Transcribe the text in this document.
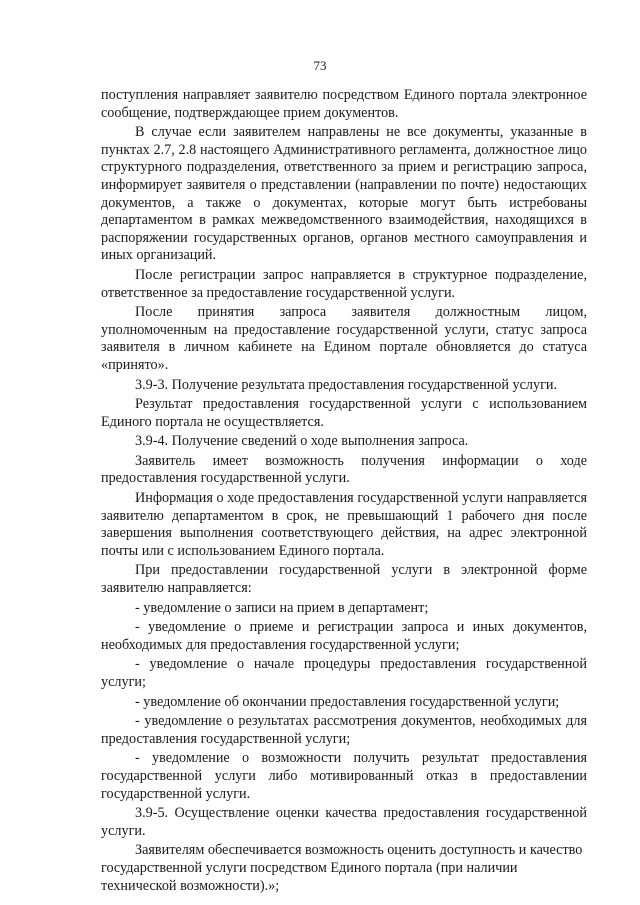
73

поступления направляет заявителю посредством Единого портала электронное сообщение, подтверждающее прием документов.

В случае если заявителем направлены не все документы, указанные в пунктах 2.7, 2.8 настоящего Административного регламента, должностное лицо структурного подразделения, ответственного за прием и регистрацию запроса, информирует заявителя о представлении (направлении по почте) недостающих документов, а также о документах, которые могут быть истребованы департаментом в рамках межведомственного взаимодействия, находящихся в распоряжении государственных органов, органов местного самоуправления и иных организаций.

После регистрации запрос направляется в структурное подразделение, ответственное за предоставление государственной услуги.

После принятия запроса заявителя должностным лицом, уполномоченным на предоставление государственной услуги, статус запроса заявителя в личном кабинете на Едином портале обновляется до статуса «принято».

3.9-3. Получение результата предоставления государственной услуги.

Результат предоставления государственной услуги с использованием Единого портала не осуществляется.

3.9-4. Получение сведений о ходе выполнения запроса.

Заявитель имеет возможность получения информации о ходе предоставления государственной услуги.

Информация о ходе предоставления государственной услуги направляется заявителю департаментом в срок, не превышающий 1 рабочего дня после завершения выполнения соответствующего действия, на адрес электронной почты или с использованием Единого портала.

При предоставлении государственной услуги в электронной форме заявителю направляется:

- уведомление о записи на прием в департамент;

- уведомление о приеме и регистрации запроса и иных документов, необходимых для предоставления государственной услуги;

- уведомление о начале процедуры предоставления государственной услуги;

- уведомление об окончании предоставления государственной услуги;

- уведомление о результатах рассмотрения документов, необходимых для предоставления государственной услуги;

- уведомление о возможности получить результат предоставления государственной услуги либо мотивированный отказ в предоставлении государственной услуги.

3.9-5. Осуществление оценки качества предоставления государственной услуги.

Заявителям обеспечивается возможность оценить доступность и качество государственной услуги посредством Единого портала (при наличии технической возможности).»;
